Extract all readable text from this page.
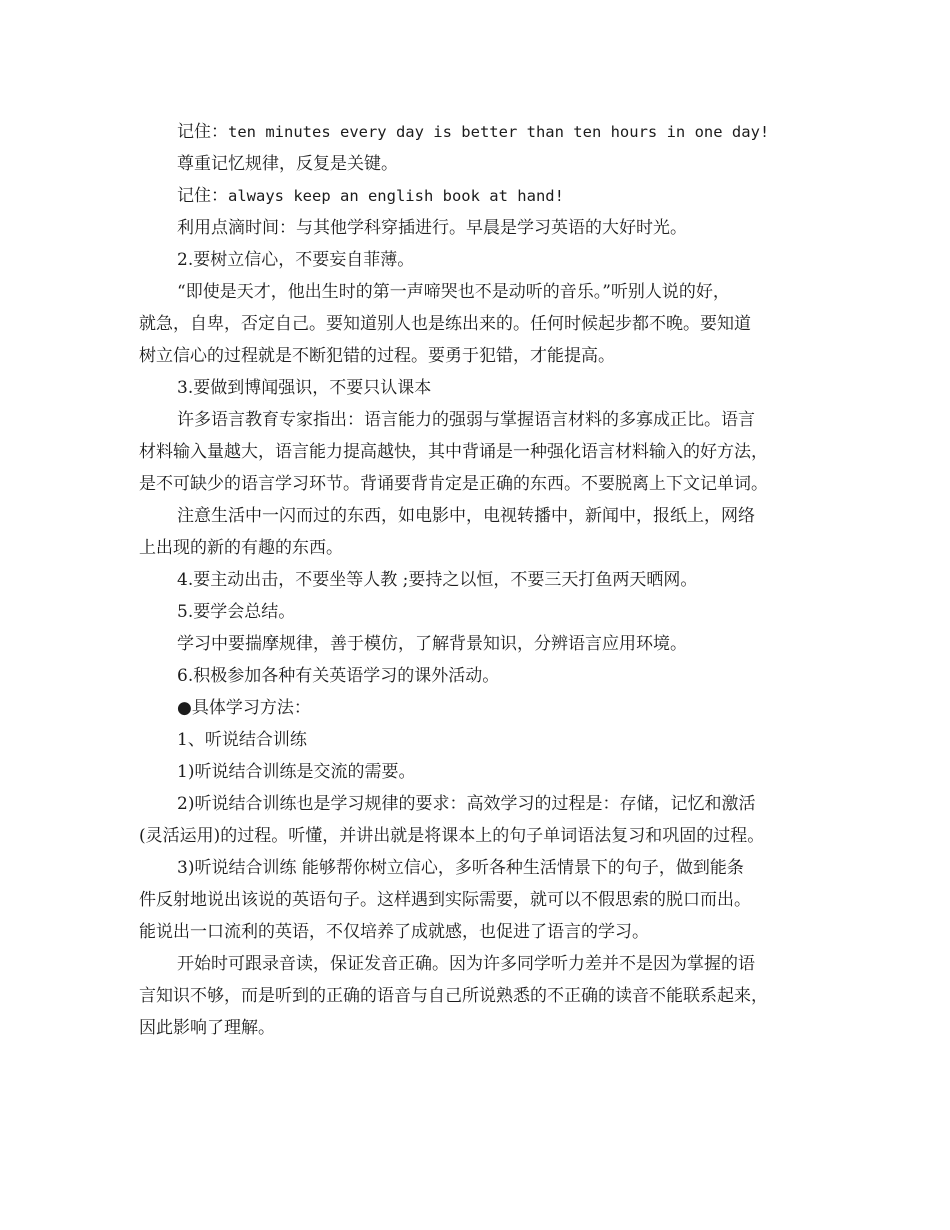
记住：ten minutes every day is better than ten hours in one day!
尊重记忆规律，反复是关键。
记住：always keep an english book at hand!
利用点滴时间：与其他学科穿插进行。早晨是学习英语的大好时光。
2.要树立信心，不要妄自菲薄。
“即使是天才，他出生时的第一声啼哭也不是动听的音乐。”听别人说的好，
就急，自卑，否定自己。要知道别人也是练出来的。任何时候起步都不晚。要知道
树立信心的过程就是不断犯错的过程。要勇于犯错，才能提高。
3.要做到博闻强识，不要只认课本
许多语言教育专家指出：语言能力的强弱与掌握语言材料的多寡成正比。语言
材料输入量越大，语言能力提高越快，其中背诵是一种强化语言材料输入的好方法，
是不可缺少的语言学习环节。背诵要背肯定是正确的东西。不要脱离上下文记单词。
注意生活中一闪而过的东西，如电影中，电视转播中，新闻中，报纸上，网络
上出现的新的有趣的东西。
4.要主动出击，不要坐等人教 ;要持之以恒，不要三天打鱼两天晒网。
5.要学会总结。
学习中要揣摩规律，善于模仿，了解背景知识，分辨语言应用环境。
6.积极参加各种有关英语学习的课外活动。
●具体学习方法：
1、听说结合训练
1)听说结合训练是交流的需要。
2)听说结合训练也是学习规律的要求：高效学习的过程是：存储，记忆和激活
(灵活运用)的过程。听懂，并讲出就是将课本上的句子单词语法复习和巩固的过程。
3)听说结合训练 能够帮你树立信心，多听各种生活情景下的句子，做到能条
件反射地说出该说的英语句子。这样遇到实际需要，就可以不假思索的脱口而出。
能说出一口流利的英语，不仅培养了成就感，也促进了语言的学习。
开始时可跟录音读，保证发音正确。因为许多同学听力差并不是因为掌握的语
言知识不够，而是听到的正确的语音与自己所说熟悉的不正确的读音不能联系起来，
因此影响了理解。
